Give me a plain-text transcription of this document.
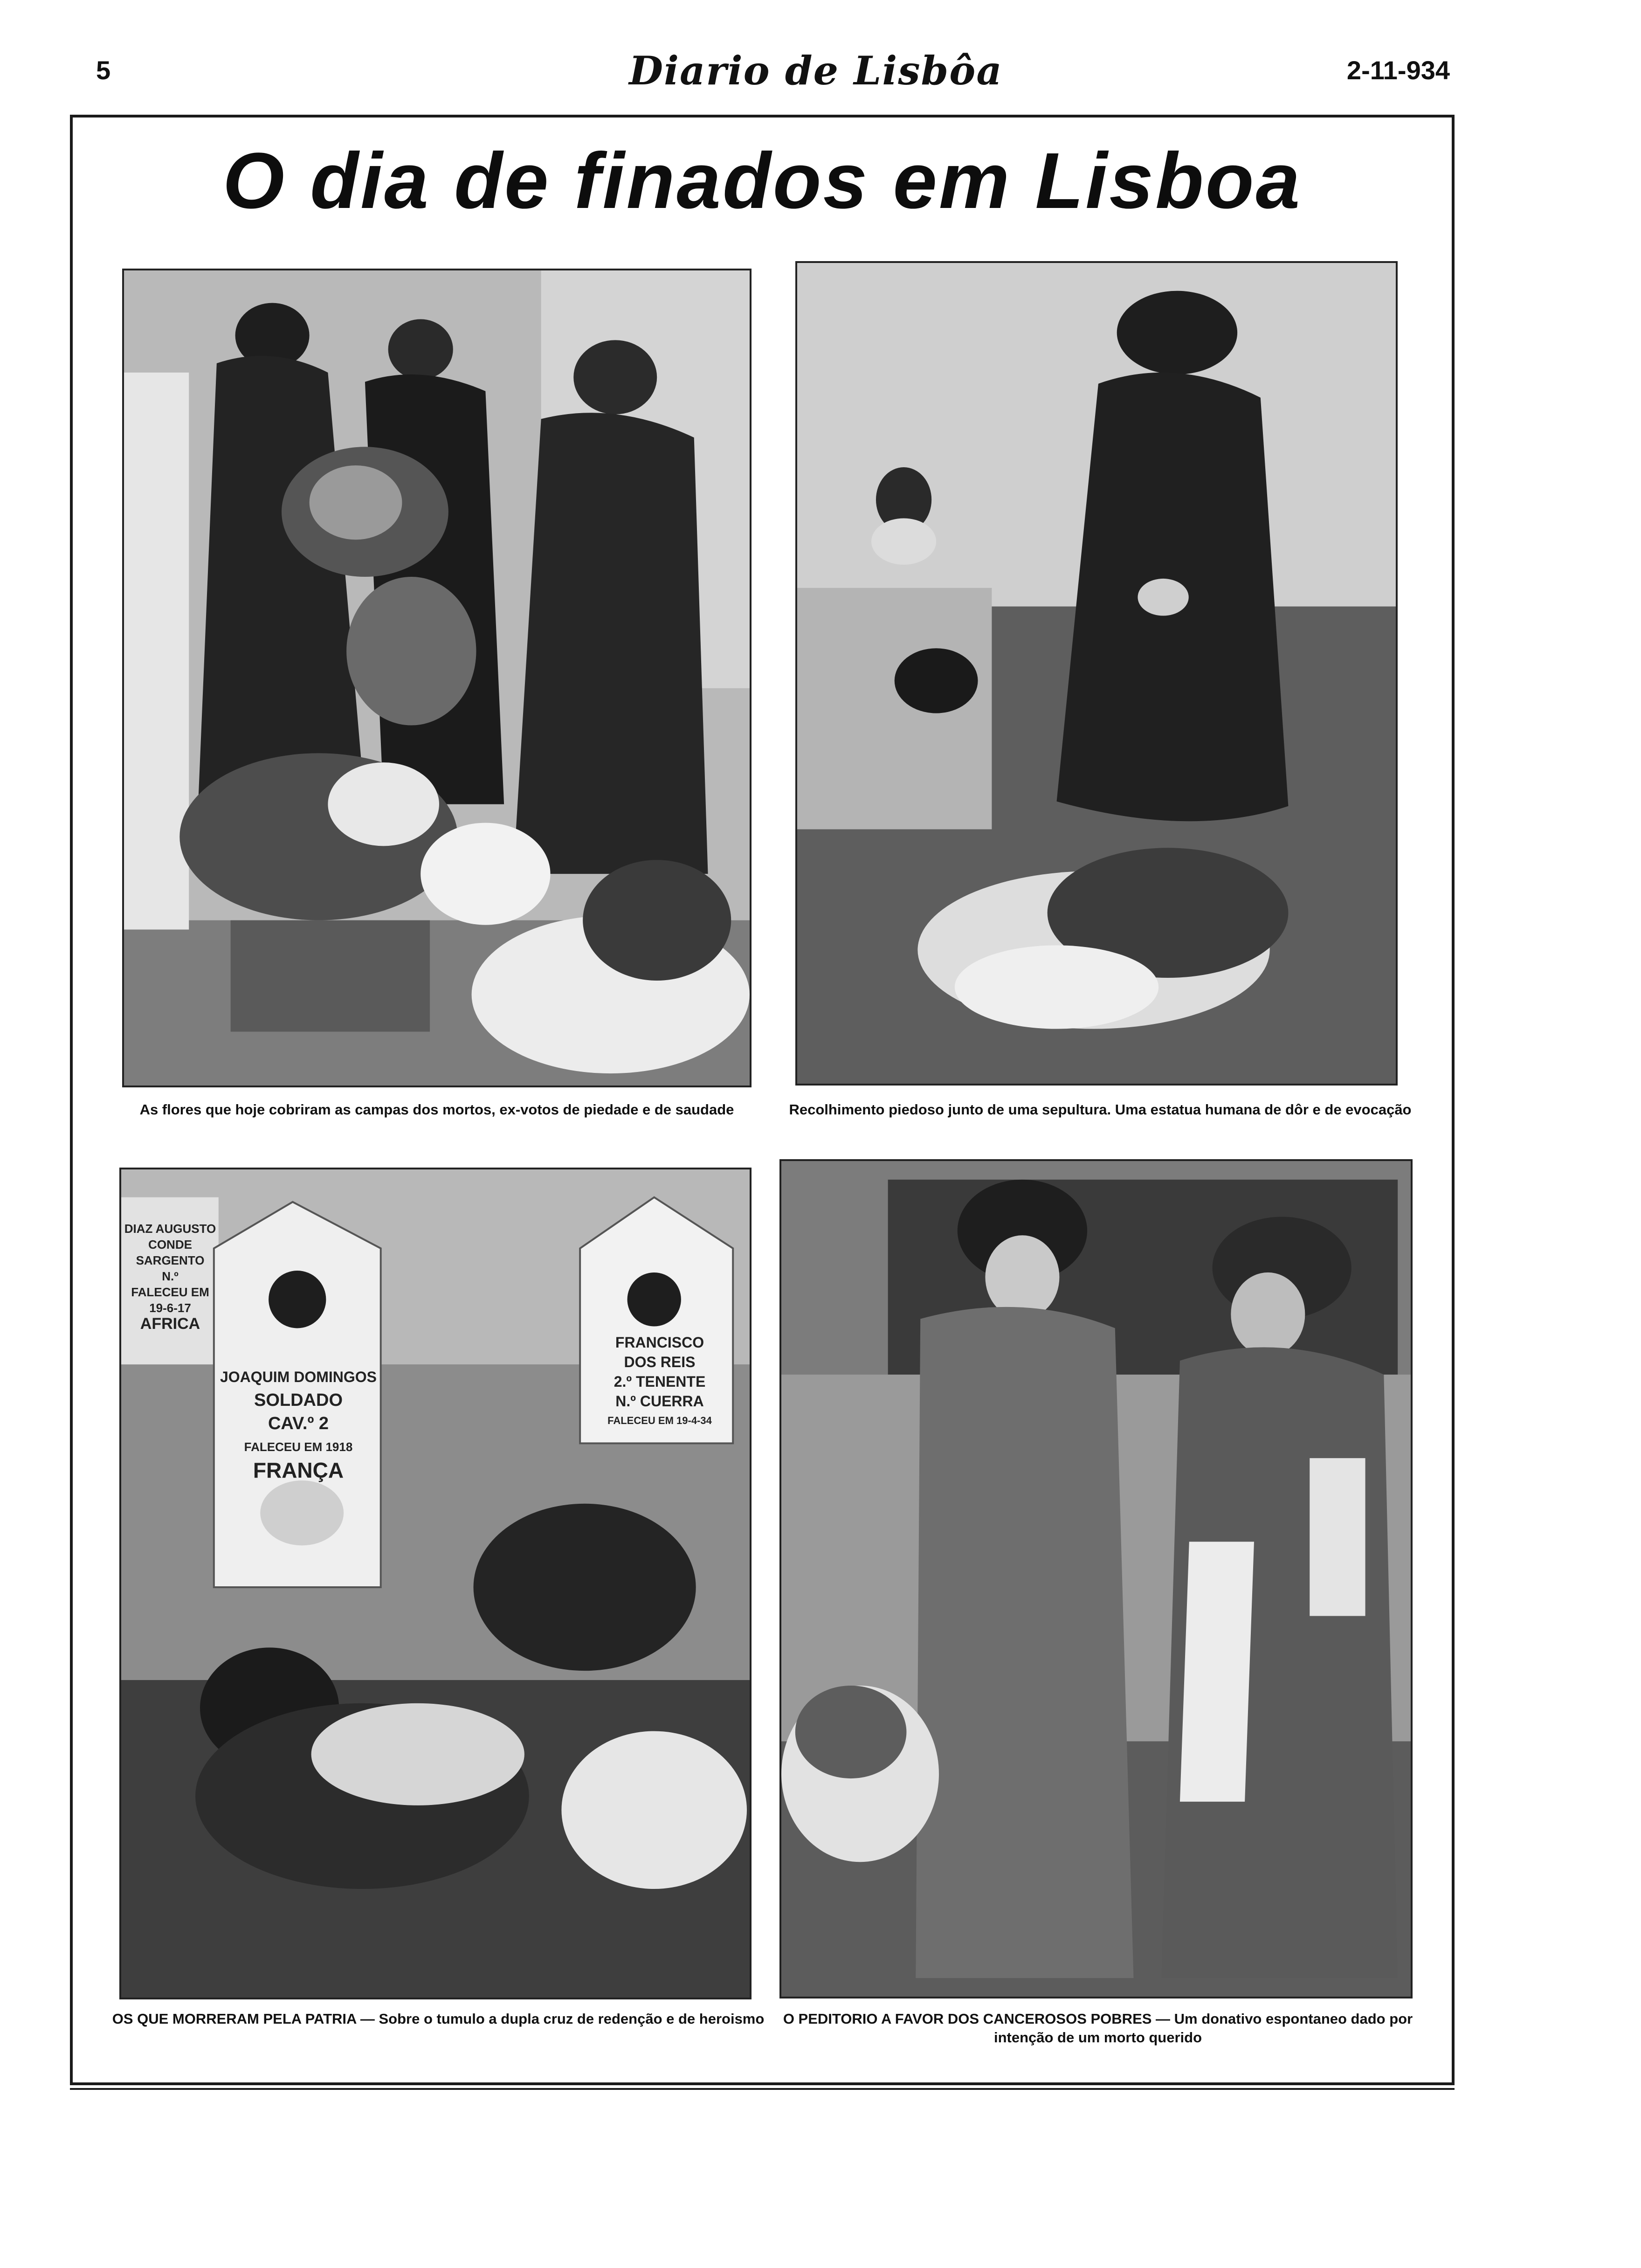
5	Diario de Lisbôa	2-11-934
O dia de finados em Lisboa
As flores que hoje cobriram as campas dos mortos, ex-votos de piedade e de saudade	Recolhimento piedoso junto de uma sepultura. Uma estatua humana de dôr e de evocação
DIAZ AUGUSTO
CONDE
SARGENTO
N.º
FALECEU EM 19-6-17
AFRICA
JOAQUIM DOMINGOS
SOLDADO
CAV.º 2
FALECEU EM 1918
FRANÇA
FRANCISCO
DOS REIS
2.º TENENTE
N.º CUERRA
FALECEU EM 19-4-34
OS QUE MORRERAM PELA PATRIA — Sobre o tumulo a dupla cruz de redenção e de heroismo	O PEDITORIO A FAVOR DOS CANCEROSOS POBRES — Um donativo espontaneo dado por intenção de um morto querido
